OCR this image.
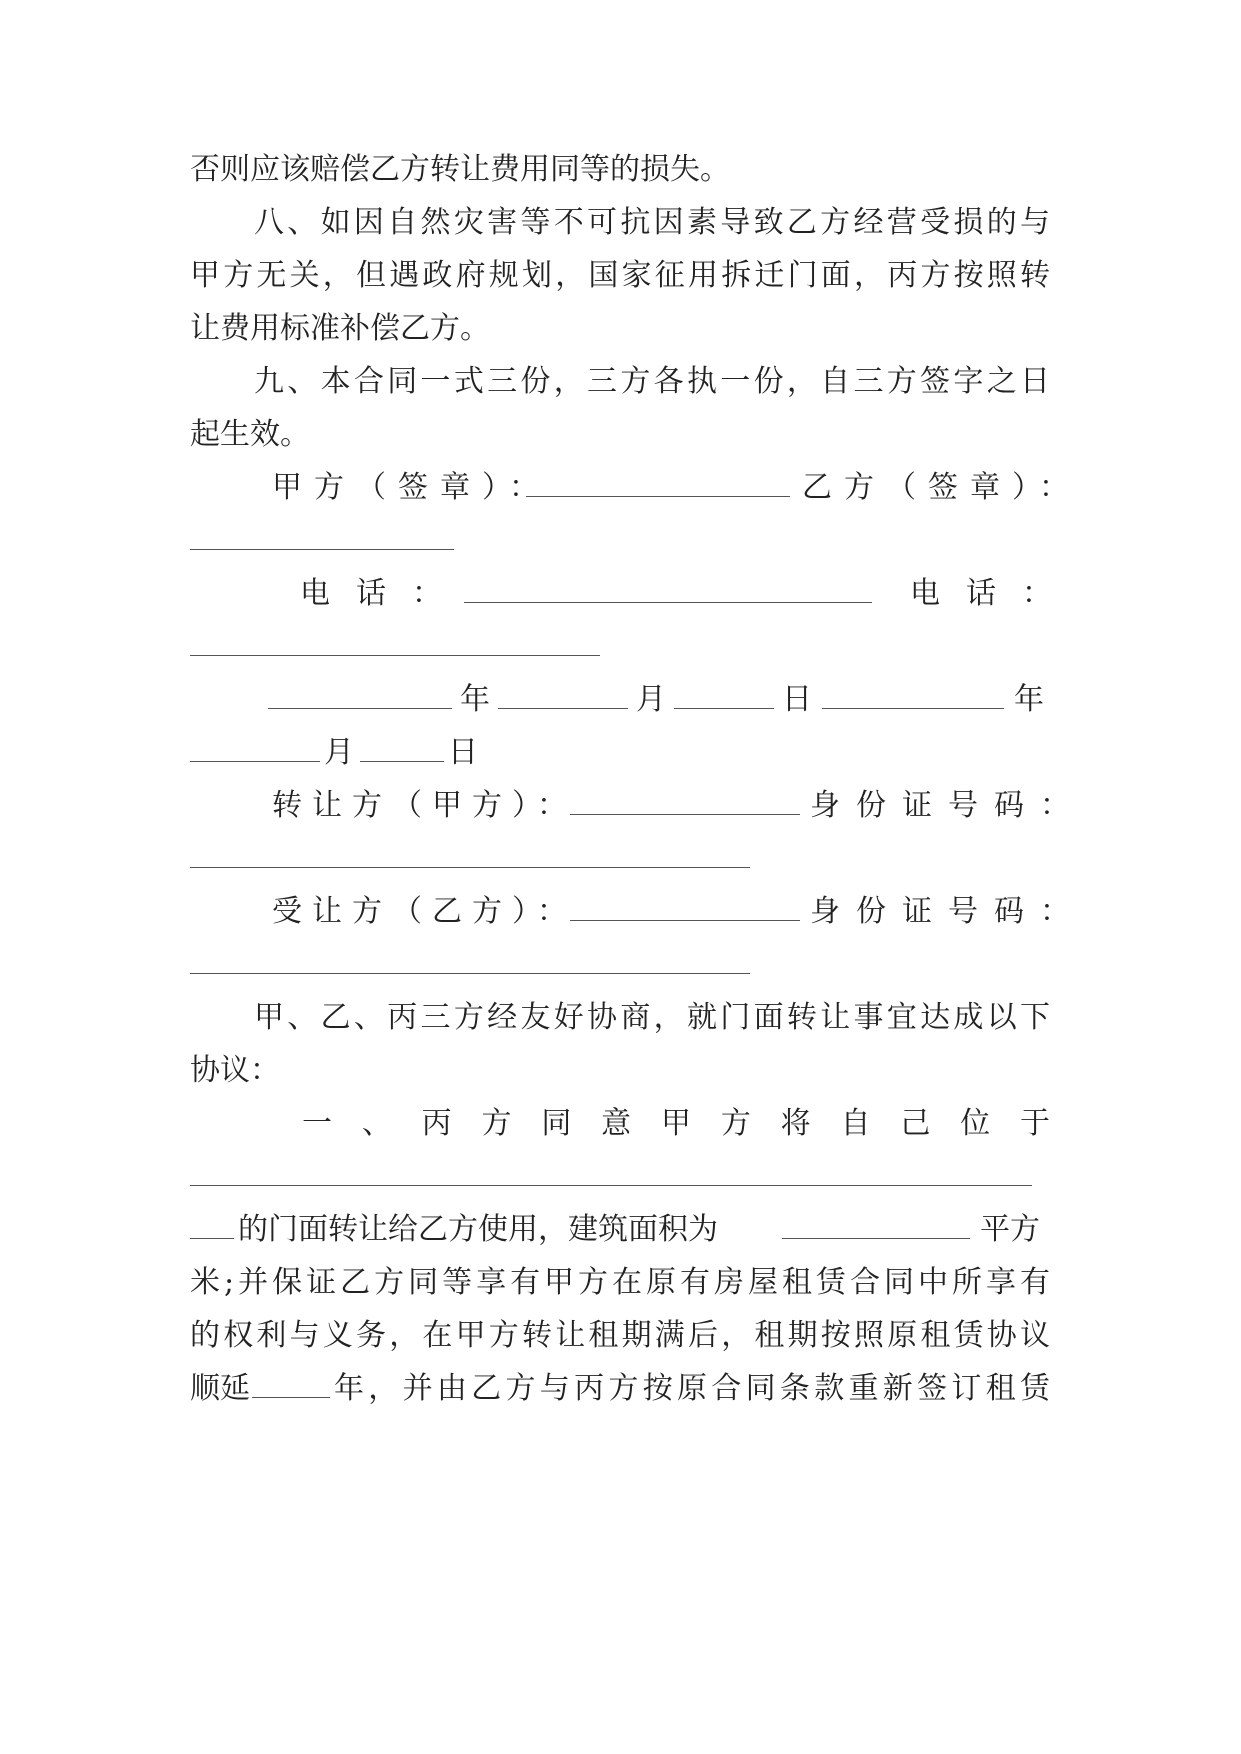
否则应该赔偿乙方转让费用同等的损失。
八、如因自然灾害等不可抗因素导致乙方经营受损的与
甲方无关，但遇政府规划，国家征用拆迁门面，丙方按照转
让费用标准补偿乙方。
九、本合同一式三份，三方各执一份，自三方签字之日
起生效。
甲方（签章）：	乙方（签章）：
电话：	电话：
年	月	日	年
月	日
转让方（甲方）：	身份证号码：
受让方（乙方）：	身份证号码：
甲、乙、丙三方经友好协商，就门面转让事宜达成以下
协议：
一、丙方同意甲方将自己位于
的门面转让给乙方使用，建筑面积为	平方
米;并保证乙方同等享有甲方在原有房屋租赁合同中所享有
的权利与义务，在甲方转让租期满后，租期按照原租赁协议
顺延	年，并由乙方与丙方按原合同条款重新签订租赁
